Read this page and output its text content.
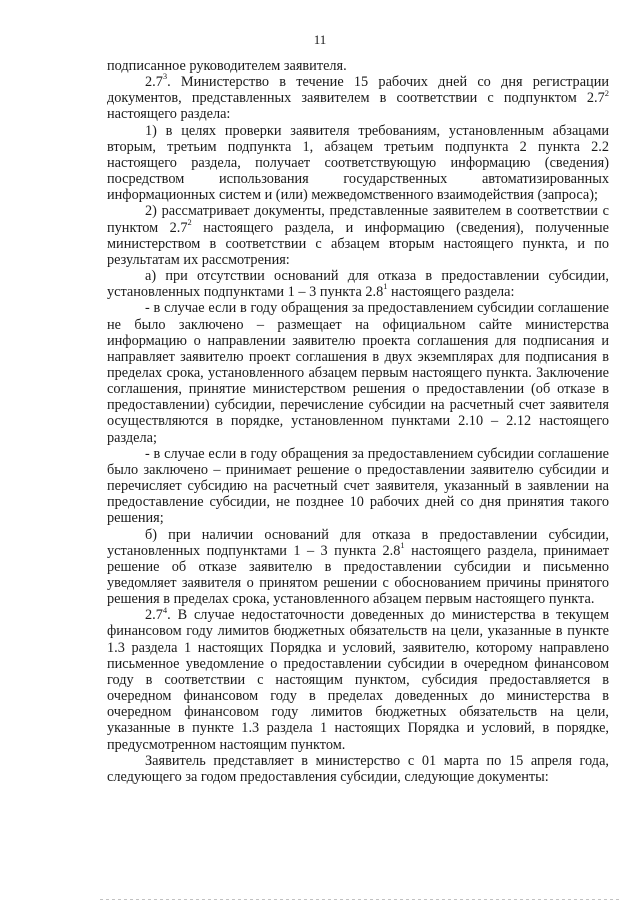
11

подписанное руководителем заявителя.

$2.7^3$. Министерство в течение 15 рабочих дней со дня регистрации документов, представленных заявителем в соответствии с подпунктом $2.7^2$ настоящего раздела:

1) в целях проверки заявителя требованиям, установленным абзацами вторым, третьим подпункта 1, абзацем третьим подпункта 2 пункта 2.2 настоящего раздела, получает соответствующую информацию (сведения) посредством использования государственных автоматизированных информационных систем и (или) межведомственного взаимодействия (запроса);

2) рассматривает документы, представленные заявителем в соответствии с пунктом $2.7^2$ настоящего раздела, и информацию (сведения), полученные министерством в соответствии с абзацем вторым настоящего пункта, и по результатам их рассмотрения:

а) при отсутствии оснований для отказа в предоставлении субсидии, установленных подпунктами 1 – 3 пункта $2.8^1$ настоящего раздела:

- в случае если в году обращения за предоставлением субсидии соглашение не было заключено – размещает на официальном сайте министерства информацию о направлении заявителю проекта соглашения для подписания и направляет заявителю проект соглашения в двух экземплярах для подписания в пределах срока, установленного абзацем первым настоящего пункта. Заключение соглашения, принятие министерством решения о предоставлении (об отказе в предоставлении) субсидии, перечисление субсидии на расчетный счет заявителя осуществляются в порядке, установленном пунктами 2.10 – 2.12 настоящего раздела;

- в случае если в году обращения за предоставлением субсидии соглашение было заключено – принимает решение о предоставлении заявителю субсидии и перечисляет субсидию на расчетный счет заявителя, указанный в заявлении на предоставление субсидии, не позднее 10 рабочих дней со дня принятия такого решения;

б) при наличии оснований для отказа в предоставлении субсидии, установленных подпунктами 1 – 3 пункта $2.8^1$ настоящего раздела, принимает решение об отказе заявителю в предоставлении субсидии и письменно уведомляет заявителя о принятом решении с обоснованием причины принятого решения в пределах срока, установленного абзацем первым настоящего пункта.

$2.7^4$. В случае недостаточности доведенных до министерства в текущем финансовом году лимитов бюджетных обязательств на цели, указанные в пункте 1.3 раздела 1 настоящих Порядка и условий, заявителю, которому направлено письменное уведомление о предоставлении субсидии в очередном финансовом году в соответствии с настоящим пунктом, субсидия предоставляется в очередном финансовом году в пределах доведенных до министерства в очередном финансовом году лимитов бюджетных обязательств на цели, указанные в пункте 1.3 раздела 1 настоящих Порядка и условий, в порядке, предусмотренном настоящим пунктом.

Заявитель представляет в министерство с 01 марта по 15 апреля года, следующего за годом предоставления субсидии, следующие документы:
